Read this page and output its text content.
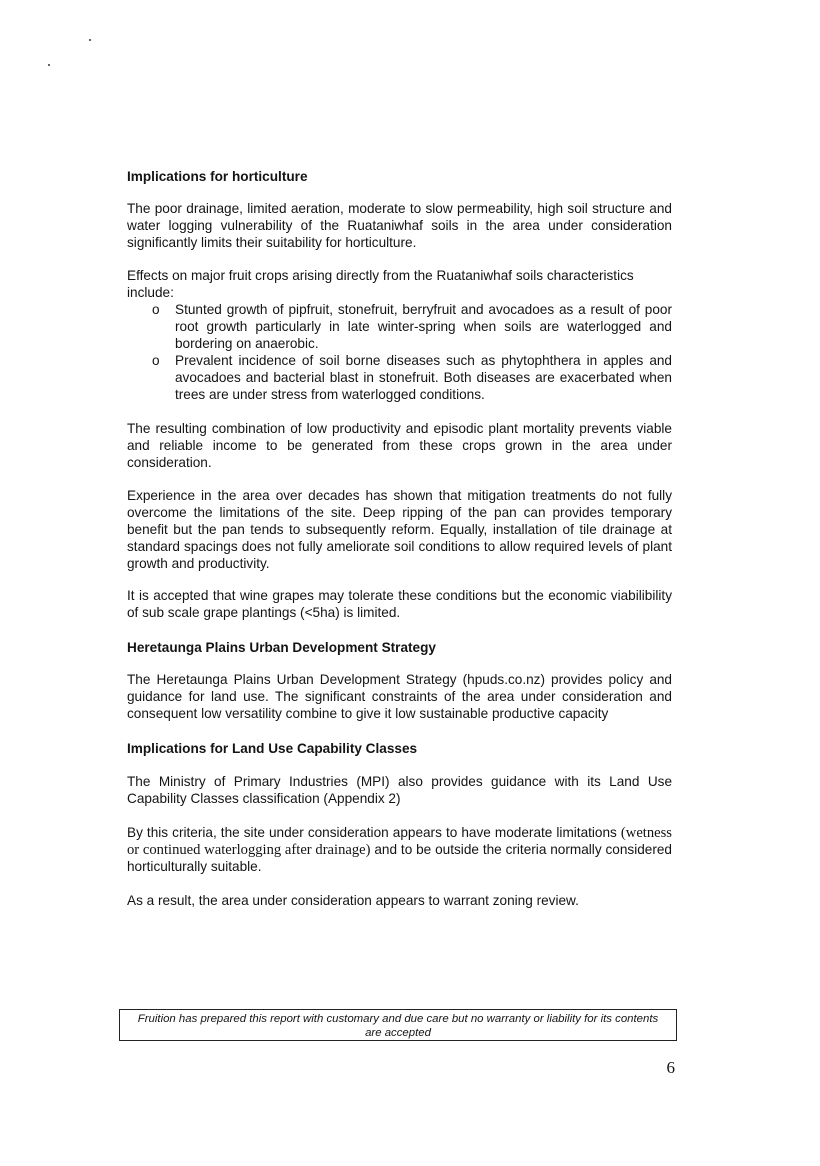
Implications for horticulture
The poor drainage, limited aeration, moderate to slow permeability, high soil structure and water logging vulnerability of the Ruataniwhaf soils in the area under consideration significantly limits their suitability for horticulture.
Effects on major fruit crops arising directly from the Ruataniwhaf soils characteristics include:
o Stunted growth of pipfruit, stonefruit, berryfruit and avocadoes as a result of poor root growth particularly in late winter-spring when soils are waterlogged and bordering on anaerobic.
o Prevalent incidence of soil borne diseases such as phytophthera in apples and avocadoes and bacterial blast in stonefruit. Both diseases are exacerbated when trees are under stress from waterlogged conditions.
The resulting combination of low productivity and episodic plant mortality prevents viable and reliable income to be generated from these crops grown in the area under consideration.
Experience in the area over decades has shown that mitigation treatments do not fully overcome the limitations of the site. Deep ripping of the pan can provides temporary benefit but the pan tends to subsequently reform. Equally, installation of tile drainage at standard spacings does not fully ameliorate soil conditions to allow required levels of plant growth and productivity.
It is accepted that wine grapes may tolerate these conditions but the economic viabilibility of sub scale grape plantings (<5ha) is limited.
Heretaunga Plains Urban Development Strategy
The Heretaunga Plains Urban Development Strategy (hpuds.co.nz) provides policy and guidance for land use. The significant constraints of the area under consideration and consequent low versatility combine to give it low sustainable productive capacity
Implications for Land Use Capability Classes
The Ministry of Primary Industries (MPI) also provides guidance with its Land Use Capability Classes classification (Appendix 2)
By this criteria, the site under consideration appears to have moderate limitations (wetness or continued waterlogging after drainage) and to be outside the criteria normally considered horticulturally suitable.
As a result, the area under consideration appears to warrant zoning review.
Fruition has prepared this report with customary and due care but no warranty or liability for its contents
are accepted
6
